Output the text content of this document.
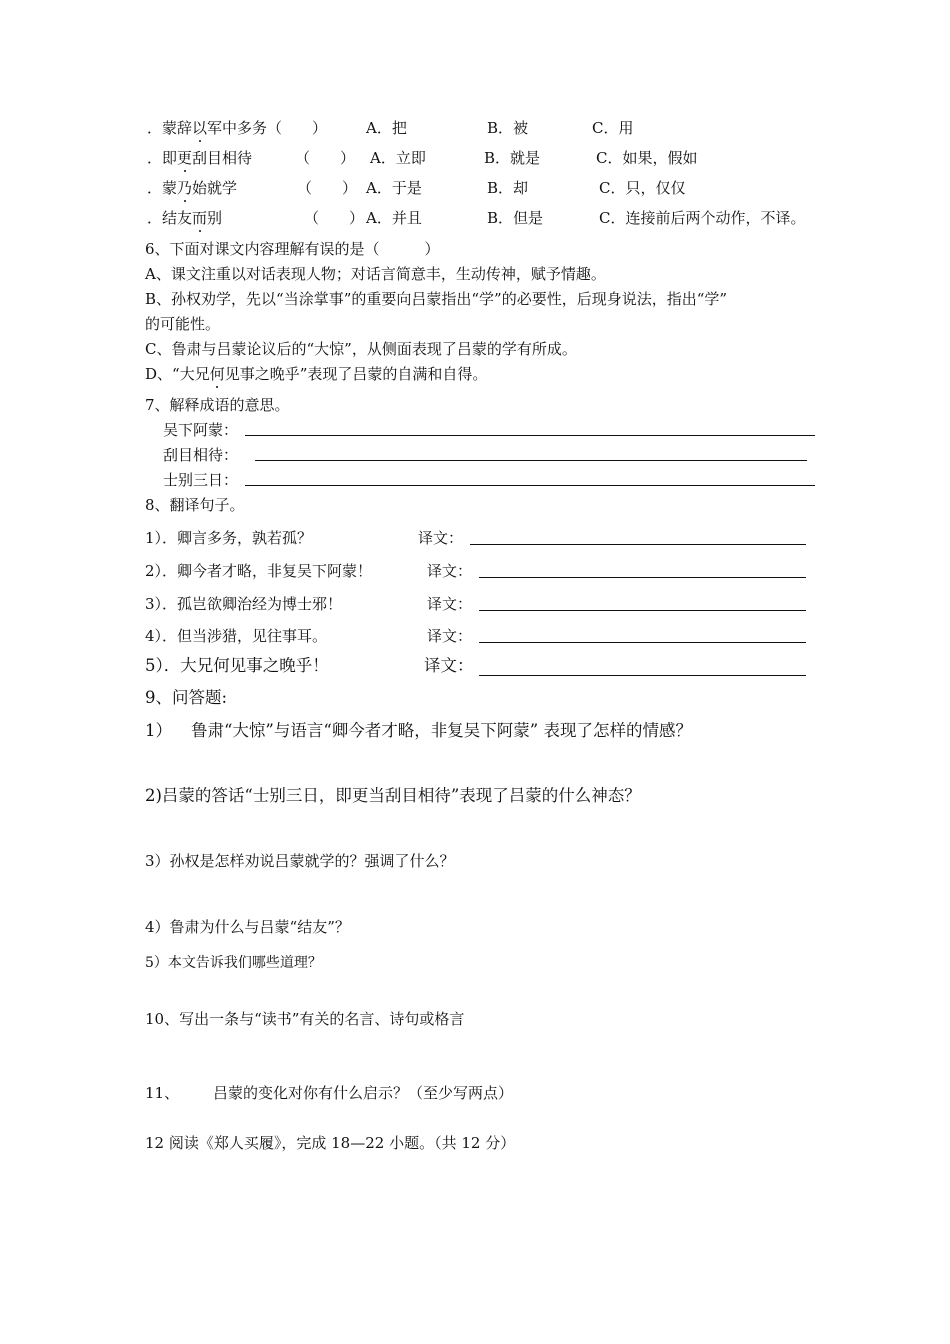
．蒙辞以军中多务（　　）	A．把	B．被	C．用
．即更刮目相待	（　　） A．立即	B．就是	C．如果，假如
．蒙乃始就学	（　　） A．于是	B．却	C．只，仅仅
．结友而别	（　　） A．并且	B．但是	C．连接前后两个动作，不译。
6、下面对课文内容理解有误的是（　　　）
A、课文注重以对话表现人物；对话言简意丰，生动传神，赋予情趣。
B、孙权劝学，先以“当涂掌事”的重要向吕蒙指出“学”的必要性，后现身说法，指出“学”
的可能性。
C、鲁肃与吕蒙论议后的“大惊”，从侧面表现了吕蒙的学有所成。
D、“大兄何见事之晚乎”表现了吕蒙的自满和自得。
7、解释成语的意思。
吴下阿蒙：
刮目相待：
士别三日：
8、翻译句子。
1）．卿言多务，孰若孤？	译文：
2）．卿今者才略，非复吴下阿蒙！	译文：
3）．孤岂欲卿治经为博士邪！	译文：
4）．但当涉猎，见往事耳。	译文：
5）．大兄何见事之晚乎！	译文：
9、问答题:
1） 鲁肃“大惊”与语言“卿今者才略，非复吴下阿蒙” 表现了怎样的情感？
2)吕蒙的答话“士别三日，即更当刮目相待”表现了吕蒙的什么神态？
3）孙权是怎样劝说吕蒙就学的？强调了什么？
4）鲁肃为什么与吕蒙“结友”？
5）本文告诉我们哪些道理？
10、写出一条与“读书”有关的名言、诗句或格言
11、 吕蒙的变化对你有什么启示？（至少写两点）
12 阅读《郑人买履》，完成 18—22 小题。（共 12 分）
